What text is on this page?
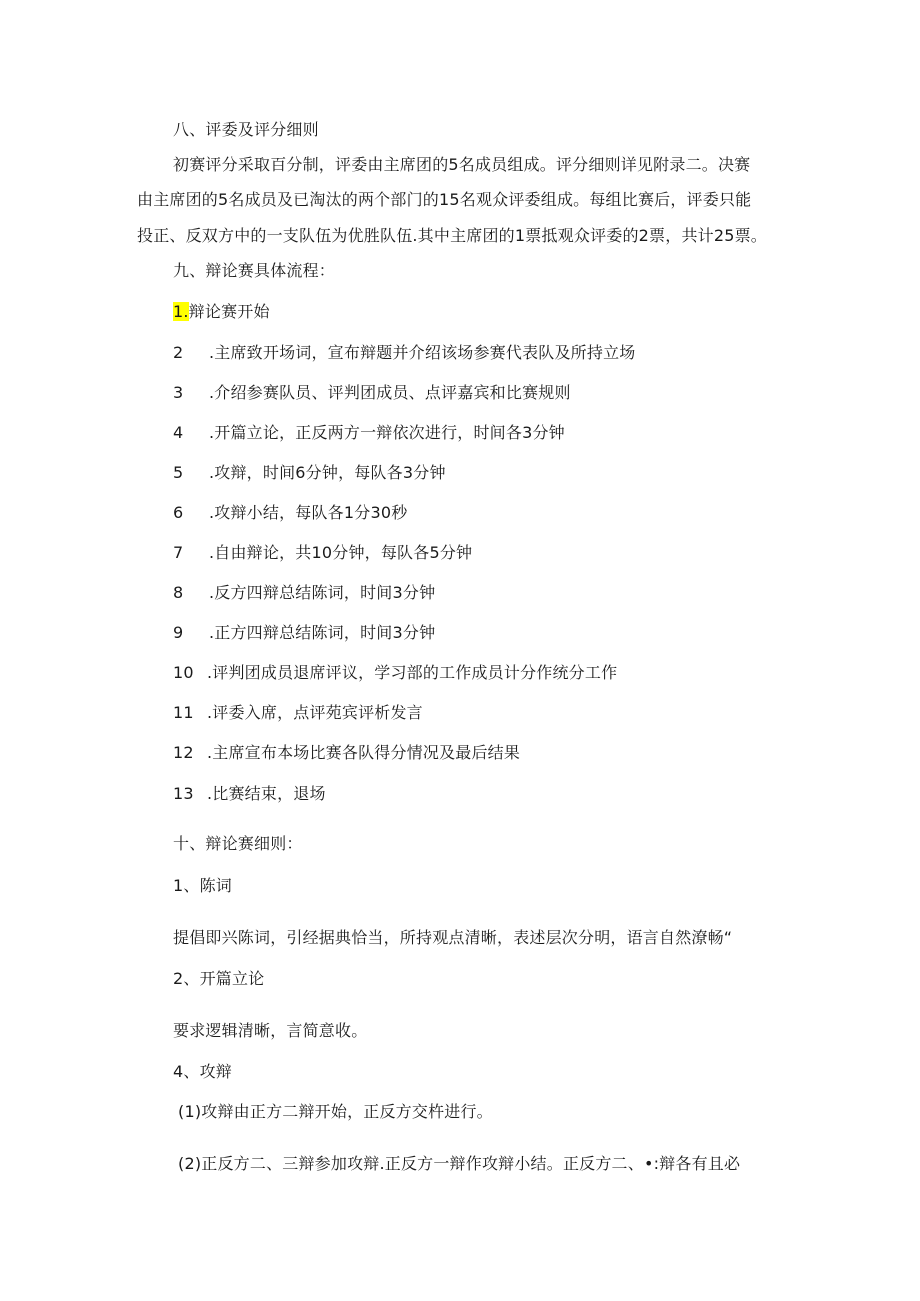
八、评委及评分细则
初赛评分采取百分制，评委由主席团的5名成员组成。评分细则详见附录二。决赛
由主席团的5名成员及已淘汰的两个部门的15名观众评委组成。每组比赛后，评委只能
投正、反双方中的一支队伍为优胜队伍.其中主席团的1票抵观众评委的2票，共计25票。
九、辩论赛具体流程：
1.辩论赛开始
2 .主席致开场词，宣布辩题并介绍该场参赛代表队及所持立场
3 .介绍参赛队员、评判团成员、点评嘉宾和比赛规则
4 .开篇立论，正反两方一辩依次进行，时间各3分钟
5 .攻辩，时间6分钟，每队各3分钟
6 .攻辩小结，每队各1分30秒
7 .自由辩论，共10分钟，每队各5分钟
8 .反方四辩总结陈词，时间3分钟
9 .正方四辩总结陈词，时间3分钟
10 .评判团成员退席评议，学习部的工作成员计分作统分工作
11 .评委入席，点评苑宾评析发言
12 .主席宣布本场比赛各队得分情况及最后结果
13 .比赛结束，退场
十、辩论赛细则：
1、陈词
提倡即兴陈词，引经据典恰当，所持观点清晰，表述层次分明，语言自然潦畅“
2、开篇立论
要求逻辑清晰，言简意收。
4、攻辩
(1)攻辩由正方二辩开始，正反方交杵进行。
(2)正反方二、三辩参加攻辩.正反方一辩作攻辩小结。正反方二、•:辩各有且必
